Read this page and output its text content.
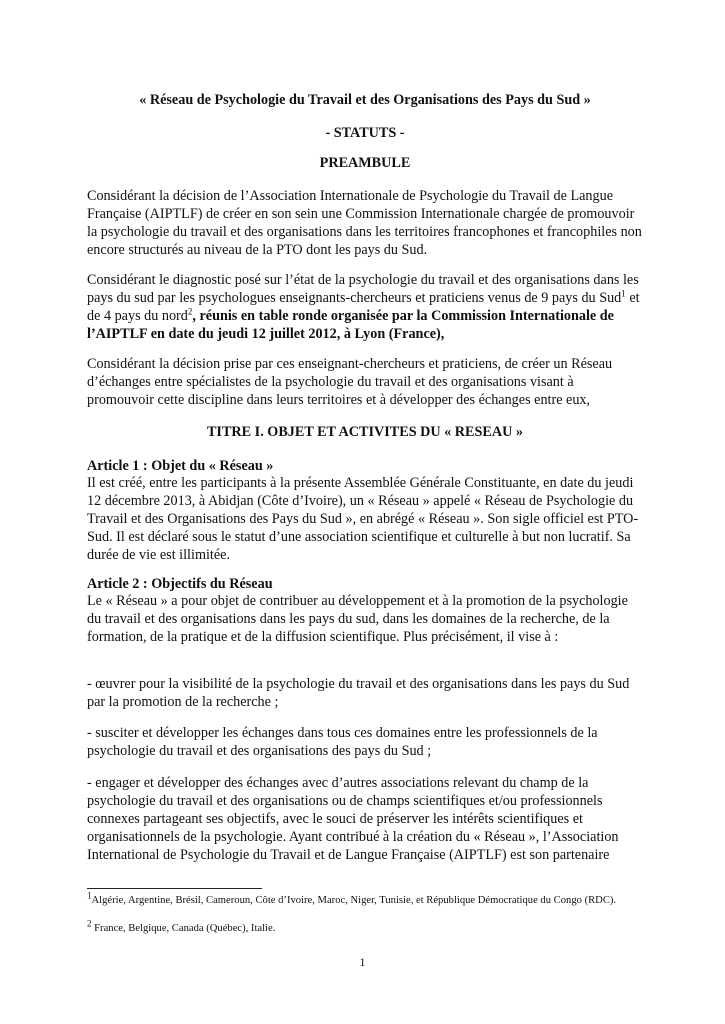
« Réseau de Psychologie du Travail et des Organisations des Pays du Sud »
- STATUTS -
PREAMBULE

Considérant la décision de l’Association Internationale de Psychologie du Travail de Langue Française (AIPTLF) de créer en son sein une Commission Internationale chargée de promouvoir la psychologie du travail et des organisations dans les territoires francophones et francophiles non encore structurés au niveau de la PTO dont les pays du Sud.

Considérant le diagnostic posé sur l’état de la psychologie du travail et des organisations dans les pays du sud par les psychologues enseignants-chercheurs et praticiens venus de 9 pays du Sud$^1$ et de 4 pays du nord$^2$, réunis en table ronde organisée par la Commission Internationale de l’AIPTLF en date du jeudi 12 juillet 2012, à Lyon (France),

Considérant la décision prise par ces enseignant-chercheurs et praticiens, de créer un Réseau d’échanges entre spécialistes de la psychologie du travail et des organisations visant à promouvoir cette discipline dans leurs territoires et à développer des échanges entre eux,

TITRE I. OBJET ET ACTIVITES DU « RESEAU »

Article 1 : Objet du « Réseau »

Il est créé, entre les participants à la présente Assemblée Générale Constituante, en date du jeudi 12 décembre 2013, à Abidjan (Côte d’Ivoire), un « Réseau » appelé « Réseau de Psychologie du Travail et des Organisations des Pays du Sud », en abrégé « Réseau ». Son sigle officiel est PTO-Sud. Il est déclaré sous le statut d’une association scientifique et culturelle à but non lucratif. Sa durée de vie est illimitée.

Article 2 : Objectifs du Réseau

Le « Réseau » a pour objet de contribuer au développement et à la promotion de la psychologie du travail et des organisations dans les pays du sud, dans les domaines de la recherche, de la formation, de la pratique et de la diffusion scientifique. Plus précisément, il vise à :

- œuvrer pour la visibilité de la psychologie du travail et des organisations dans les pays du Sud par la promotion de la recherche ;

- susciter et développer les échanges dans tous ces domaines entre les professionnels de la psychologie du travail et des organisations des pays du Sud ;

- engager et développer des échanges avec d’autres associations relevant du champ de la psychologie du travail et des organisations ou de champs scientifiques et/ou professionnels connexes partageant ses objectifs, avec le souci de préserver les intérêts scientifiques et organisationnels de la psychologie. Ayant contribué à la création du « Réseau », l’Association International de Psychologie du Travail et de Langue Française (AIPTLF) est son partenaire

$^1$Algérie, Argentine, Brésil, Cameroun, Côte d’Ivoire, Maroc, Niger, Tunisie, et République Démocratique du Congo (RDC).

$^2$ France, Belgique, Canada (Québec), Italie.

1
